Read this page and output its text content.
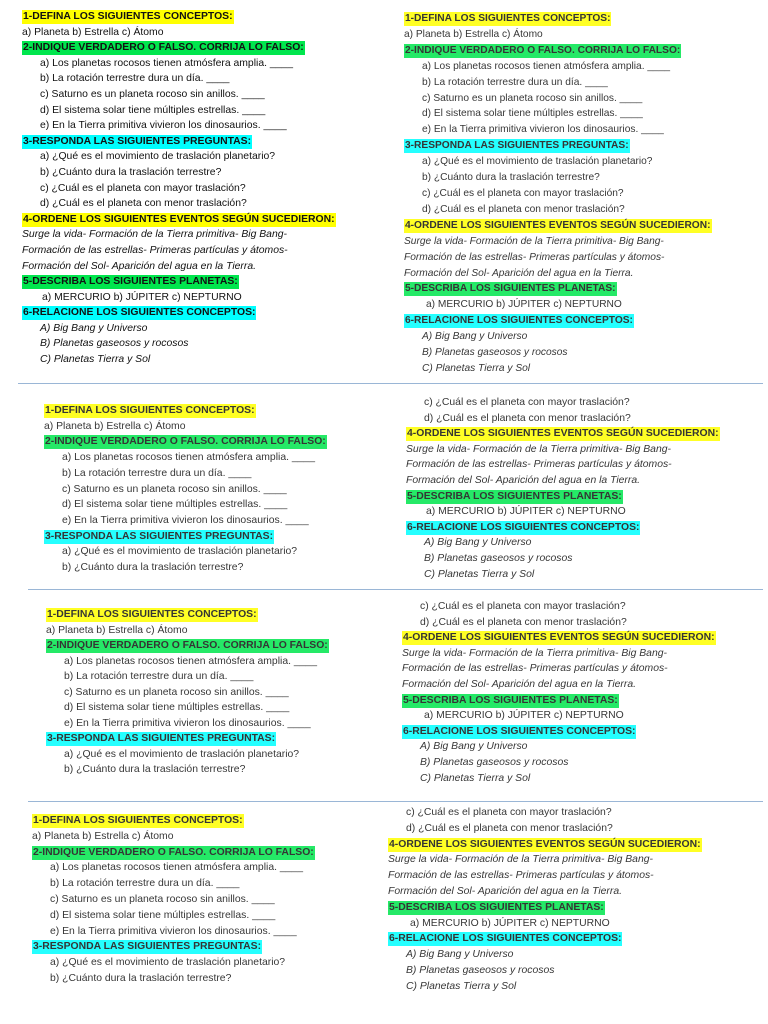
1-DEFINA LOS SIGUIENTES CONCEPTOS:
a) Planeta b) Estrella c) Átomo
2-INDIQUE VERDADERO O FALSO. CORRIJA LO FALSO:
a) Los planetas rocosos tienen atmósfera amplia. ____
b) La rotación terrestre dura un día. ____
c) Saturno es un planeta rocoso sin anillos. ____
d) El sistema solar tiene múltiples estrellas. ____
e) En la Tierra primitiva vivieron los dinosaurios. ____
3-RESPONDA LAS SIGUIENTES PREGUNTAS:
a) ¿Qué es el movimiento de traslación planetario?
b) ¿Cuánto dura la traslación terrestre?
c) ¿Cuál es el planeta con mayor traslación?
d) ¿Cuál es el planeta con menor traslación?
4-ORDENE LOS SIGUIENTES EVENTOS SEGÚN SUCEDIERON:
Surge la vida- Formación de la Tierra primitiva- Big Bang-
Formación de las estrellas- Primeras partículas y átomos-
Formación del Sol- Aparición del agua en la Tierra.
5-DESCRIBA LOS SIGUIENTES PLANETAS:
a) MERCURIO b) JÚPITER c) NEPTURNO
6-RELACIONE LOS SIGUIENTES CONCEPTOS:
A) Big Bang y Universo
B) Planetas gaseosos y rocosos
C) Planetas Tierra y Sol
1-DEFINA LOS SIGUIENTES CONCEPTOS:
a) Planeta b) Estrella c) Átomo
2-INDIQUE VERDADERO O FALSO. CORRIJA LO FALSO:
a) Los planetas rocosos tienen atmósfera amplia. ____
b) La rotación terrestre dura un día. ____
c) Saturno es un planeta rocoso sin anillos. ____
d) El sistema solar tiene múltiples estrellas. ____
e) En la Tierra primitiva vivieron los dinosaurios. ____
3-RESPONDA LAS SIGUIENTES PREGUNTAS:
a) ¿Qué es el movimiento de traslación planetario?
b) ¿Cuánto dura la traslación terrestre?
c) ¿Cuál es el planeta con mayor traslación?
d) ¿Cuál es el planeta con menor traslación?
4-ORDENE LOS SIGUIENTES EVENTOS SEGÚN SUCEDIERON:
Surge la vida- Formación de la Tierra primitiva- Big Bang-
Formación de las estrellas- Primeras partículas y átomos-
Formación del Sol- Aparición del agua en la Tierra.
5-DESCRIBA LOS SIGUIENTES PLANETAS:
a) MERCURIO b) JÚPITER c) NEPTURNO
6-RELACIONE LOS SIGUIENTES CONCEPTOS:
A) Big Bang y Universo
B) Planetas gaseosos y rocosos
C) Planetas Tierra y Sol
1-DEFINA LOS SIGUIENTES CONCEPTOS:
a) Planeta b) Estrella c) Átomo
2-INDIQUE VERDADERO O FALSO. CORRIJA LO FALSO:
a) Los planetas rocosos tienen atmósfera amplia. ____
b) La rotación terrestre dura un día. ____
c) Saturno es un planeta rocoso sin anillos. ____
d) El sistema solar tiene múltiples estrellas. ____
e) En la Tierra primitiva vivieron los dinosaurios. ____
3-RESPONDA LAS SIGUIENTES PREGUNTAS:
a) ¿Qué es el movimiento de traslación planetario?
b) ¿Cuánto dura la traslación terrestre?
c) ¿Cuál es el planeta con mayor traslación?
d) ¿Cuál es el planeta con menor traslación?
4-ORDENE LOS SIGUIENTES EVENTOS SEGÚN SUCEDIERON:
Surge la vida- Formación de la Tierra primitiva- Big Bang-
Formación de las estrellas- Primeras partículas y átomos-
Formación del Sol- Aparición del agua en la Tierra.
5-DESCRIBA LOS SIGUIENTES PLANETAS:
a) MERCURIO b) JÚPITER c) NEPTURNO
6-RELACIONE LOS SIGUIENTES CONCEPTOS:
A) Big Bang y Universo
B) Planetas gaseosos y rocosos
C) Planetas Tierra y Sol
1-DEFINA LOS SIGUIENTES CONCEPTOS:
a) Planeta b) Estrella c) Átomo
2-INDIQUE VERDADERO O FALSO. CORRIJA LO FALSO:
a) Los planetas rocosos tienen atmósfera amplia. ____
b) La rotación terrestre dura un día. ____
c) Saturno es un planeta rocoso sin anillos. ____
d) El sistema solar tiene múltiples estrellas. ____
e) En la Tierra primitiva vivieron los dinosaurios. ____
3-RESPONDA LAS SIGUIENTES PREGUNTAS:
a) ¿Qué es el movimiento de traslación planetario?
b) ¿Cuánto dura la traslación terrestre?
c) ¿Cuál es el planeta con mayor traslación?
d) ¿Cuál es el planeta con menor traslación?
4-ORDENE LOS SIGUIENTES EVENTOS SEGÚN SUCEDIERON:
Surge la vida- Formación de la Tierra primitiva- Big Bang-
Formación de las estrellas- Primeras partículas y átomos-
Formación del Sol- Aparición del agua en la Tierra.
5-DESCRIBA LOS SIGUIENTES PLANETAS:
a) MERCURIO b) JÚPITER c) NEPTURNO
6-RELACIONE LOS SIGUIENTES CONCEPTOS:
A) Big Bang y Universo
B) Planetas gaseosos y rocosos
C) Planetas Tierra y Sol
1-DEFINA LOS SIGUIENTES CONCEPTOS:
a) Planeta b) Estrella c) Átomo
2-INDIQUE VERDADERO O FALSO. CORRIJA LO FALSO:
a) Los planetas rocosos tienen atmósfera amplia. ____
b) La rotación terrestre dura un día. ____
c) Saturno es un planeta rocoso sin anillos. ____
d) El sistema solar tiene múltiples estrellas. ____
e) En la Tierra primitiva vivieron los dinosaurios. ____
3-RESPONDA LAS SIGUIENTES PREGUNTAS:
a) ¿Qué es el movimiento de traslación planetario?
b) ¿Cuánto dura la traslación terrestre?
c) ¿Cuál es el planeta con mayor traslación?
d) ¿Cuál es el planeta con menor traslación?
4-ORDENE LOS SIGUIENTES EVENTOS SEGÚN SUCEDIERON:
Surge la vida- Formación de la Tierra primitiva- Big Bang-
Formación de las estrellas- Primeras partículas y átomos-
Formación del Sol- Aparición del agua en la Tierra.
5-DESCRIBA LOS SIGUIENTES PLANETAS:
a) MERCURIO b) JÚPITER c) NEPTURNO
6-RELACIONE LOS SIGUIENTES CONCEPTOS:
A) Big Bang y Universo
B) Planetas gaseosos y rocosos
C) Planetas Tierra y Sol
